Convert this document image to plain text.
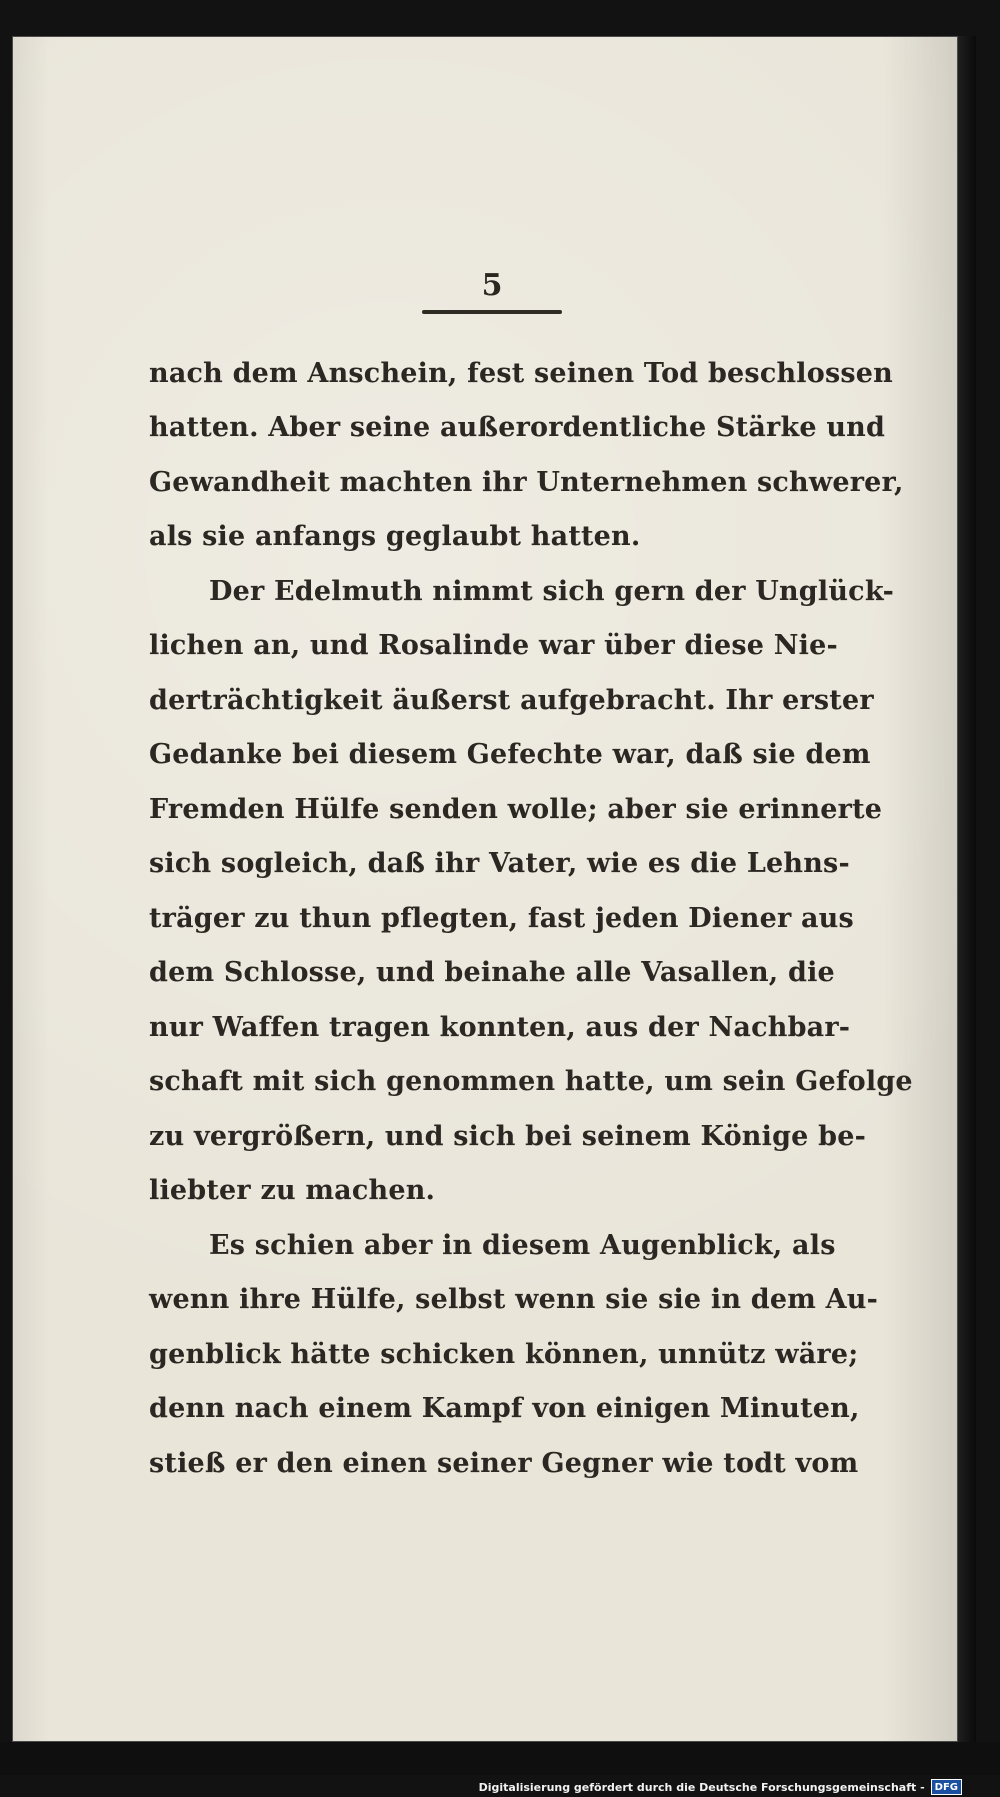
5
nach dem Anschein, fest seinen Tod beschlossen
hatten. Aber seine außerordentliche Stärke und
Gewandheit machten ihr Unternehmen schwerer,
als sie anfangs geglaubt hatten.
Der Edelmuth nimmt sich gern der Unglück-
lichen an, und Rosalinde war über diese Nie-
derträchtigkeit äußerst aufgebracht. Ihr erster
Gedanke bei diesem Gefechte war, daß sie dem
Fremden Hülfe senden wolle; aber sie erinnerte
sich sogleich, daß ihr Vater, wie es die Lehns-
träger zu thun pflegten, fast jeden Diener aus
dem Schlosse, und beinahe alle Vasallen, die
nur Waffen tragen konnten, aus der Nachbar-
schaft mit sich genommen hatte, um sein Gefolge
zu vergrößern, und sich bei seinem Könige be-
liebter zu machen.
Es schien aber in diesem Augenblick, als
wenn ihre Hülfe, selbst wenn sie sie in dem Au-
genblick hätte schicken können, unnütz wäre;
denn nach einem Kampf von einigen Minuten,
stieß er den einen seiner Gegner wie todt vom
Digitalisierung gefördert durch die Deutsche Forschungsgemeinschaft -	DFG
